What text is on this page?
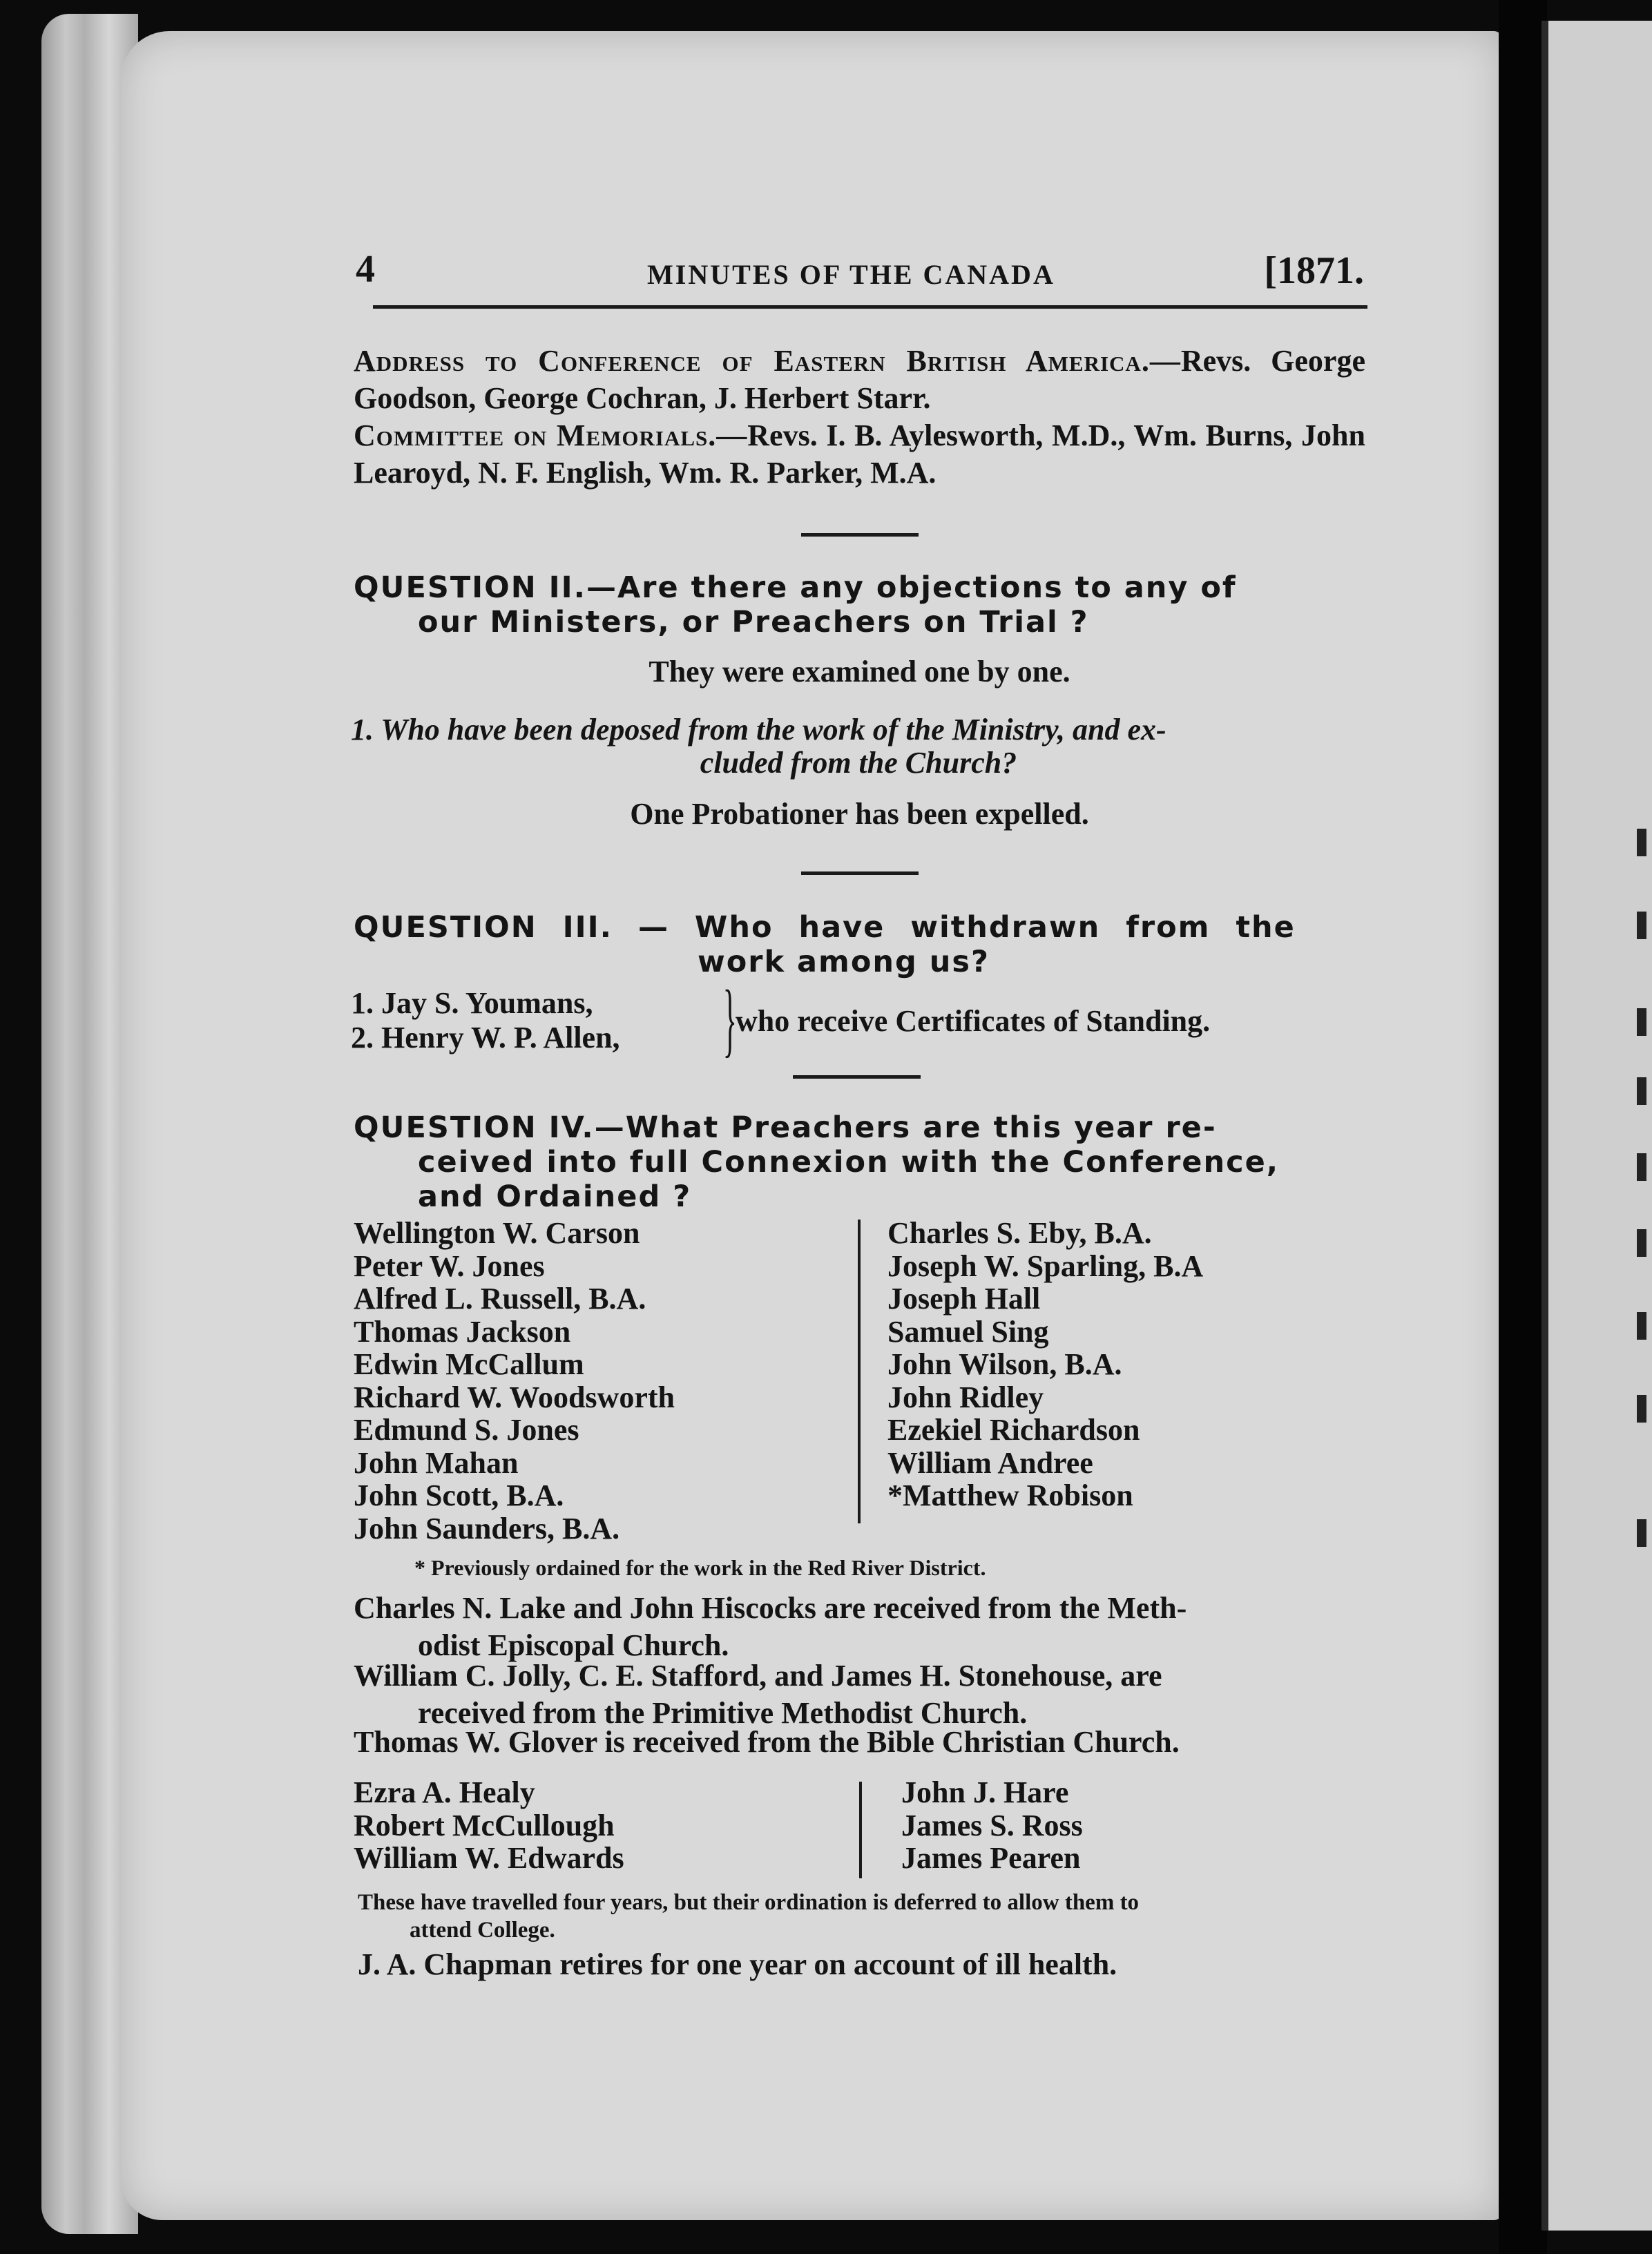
4	MINUTES OF THE CANADA	[1871.
Address to Conference of Eastern British America.—Revs. George Goodson, George Cochran, J. Herbert Starr.
Committee on Memorials.—Revs. I. B. Aylesworth, M.D., Wm. Burns, John Learoyd, N. F. English, Wm. R. Parker, M.A.
QUESTION II.—Are there any objections to any of
our Ministers, or Preachers on Trial ?
They were examined one by one.
1. Who have been deposed from the work of the Ministry, and ex-
cluded from the Church?
One Probationer has been expelled.
QUESTION III. — Who have withdrawn from the
work among us?
1. Jay S. Youmans,
2. Henry W. P. Allen, }
who receive Certificates of Standing.
QUESTION IV.—What Preachers are this year re-
ceived into full Connexion with the Conference,
and Ordained ?
Wellington W. Carson
Peter W. Jones
Alfred L. Russell, B.A.
Thomas Jackson
Edwin McCallum
Richard W. Woodsworth
Edmund S. Jones
John Mahan
John Scott, B.A.
John Saunders, B.A.
Charles S. Eby, B.A.
Joseph W. Sparling, B.A
Joseph Hall
Samuel Sing
John Wilson, B.A.
John Ridley
Ezekiel Richardson
William Andree
*Matthew Robison
* Previously ordained for the work in the Red River District.
Charles N. Lake and John Hiscocks are received from the Meth-
odist Episcopal Church.
William C. Jolly, C. E. Stafford, and James H. Stonehouse, are
received from the Primitive Methodist Church.
Thomas W. Glover is received from the Bible Christian Church.
Ezra A. Healy
Robert McCullough
William W. Edwards
John J. Hare
James S. Ross
James Pearen
These have travelled four years, but their ordination is deferred to allow them to
attend College.
J. A. Chapman retires for one year on account of ill health.
